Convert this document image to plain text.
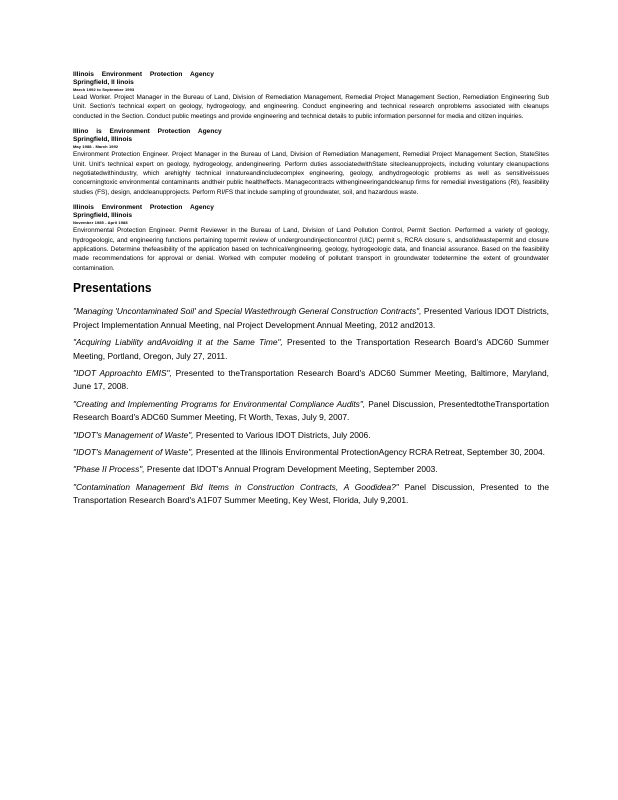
Illinois Environment Protection Agency
Springfield, Il linois
March 1992 to September 1993
Lead Worker. Project Manager in the Bureau of Land, Division of Remediation Management, Remedial Project Management Section, Remediation Engineering Sub Unit. Section's technical expert on geology, hydrogeology, and engineering. Conduct engineering and technical research onproblems associated with cleanups conducted in the Section. Conduct public meetings and provide engineering and technical details to public information personnel for media and citizen inquiries.
Illino is Environment Protection Agency
Springfield, Illinois
May 1988 - March 1992
Environment Protection Engineer. Project Manager in the Bureau of Land, Division of Remediation Management, Remedial Project Management Section, StateSites Unit. Unit's technical expert on geology, hydrogeology, andengineering. Perform duties associatedwithState sitecleanupprojects, including voluntary cleanupactions negotiatedwithindustry, which arehighly technical innatureandincludecomplex engineering, geology, andhydrogeologic problems as well as sensitiveissues concerningtoxic environmental contaminants andtheir public healtheffects. Managecontracts withengineeringandcleanup firms for remedial investigations (RI), feasibility studies (FS), design, andcleanupprojects. Perform RI/FS that include sampling of groundwater, soil, and hazardous waste.
Illinois Environment Protection Agency
Springfield, Illinois
November 1985 - April 1988
Environmental Protection Engineer. Permit Reviewer in the Bureau of Land, Division of Land Pollution Control, Permit Section. Performed a variety of geology, hydrogeologic, and engineering functions pertaining topermit review of undergroundinjectioncontrol (UIC) permit s, RCRA closure s, andsolidwastepermit and closure applications. Determine thefeasibility of the application based on technical/engineering, geology, hydrogeologic data, and financial assurance. Based on the feasibility made recommendations for approval or denial. Worked with computer modeling of pollutant transport in groundwater todetermine the extent of groundwater contamination.
Presentations
"Managing 'Uncontaminated Soil' and Special Wastethrough General Construction Contracts", Presented Various IDOT Districts, Project Implementation Annual Meeting, nal Project Development Annual Meeting, 2012 and2013.
"Acquiring Liability andAvoiding it at the Same Time", Presented to the Transportation Research Board's ADC60 Summer Meeting, Portland, Oregon, July 27, 2011.
"IDOT Approachto EMIS", Presented to theTransportation Research Board's ADC60 Summer Meeting, Baltimore, Maryland, June 17, 2008.
"Creating and Implementing Programs for Environmental Compliance Audits", Panel Discussion, PresentedtotheTransportation Research Board's ADC60 Summer Meeting, Ft Worth, Texas, July 9, 2007.
"IDOT's Management of Waste", Presented to Various IDOT Districts, July 2006.
"IDOT's Management of Waste", Presented at the Illinois Environmental ProtectionAgency RCRA Retreat, September 30, 2004.
"Phase II Process", Presente dat IDOT's Annual Program Development Meeting, September 2003.
"Contamination Management Bid Items in Construction Contracts, A Goodidea?" Panel Discussion, Presented to the Transportation Research Board's A1F07 Summer Meeting, Key West, Florida, July 9,2001.
